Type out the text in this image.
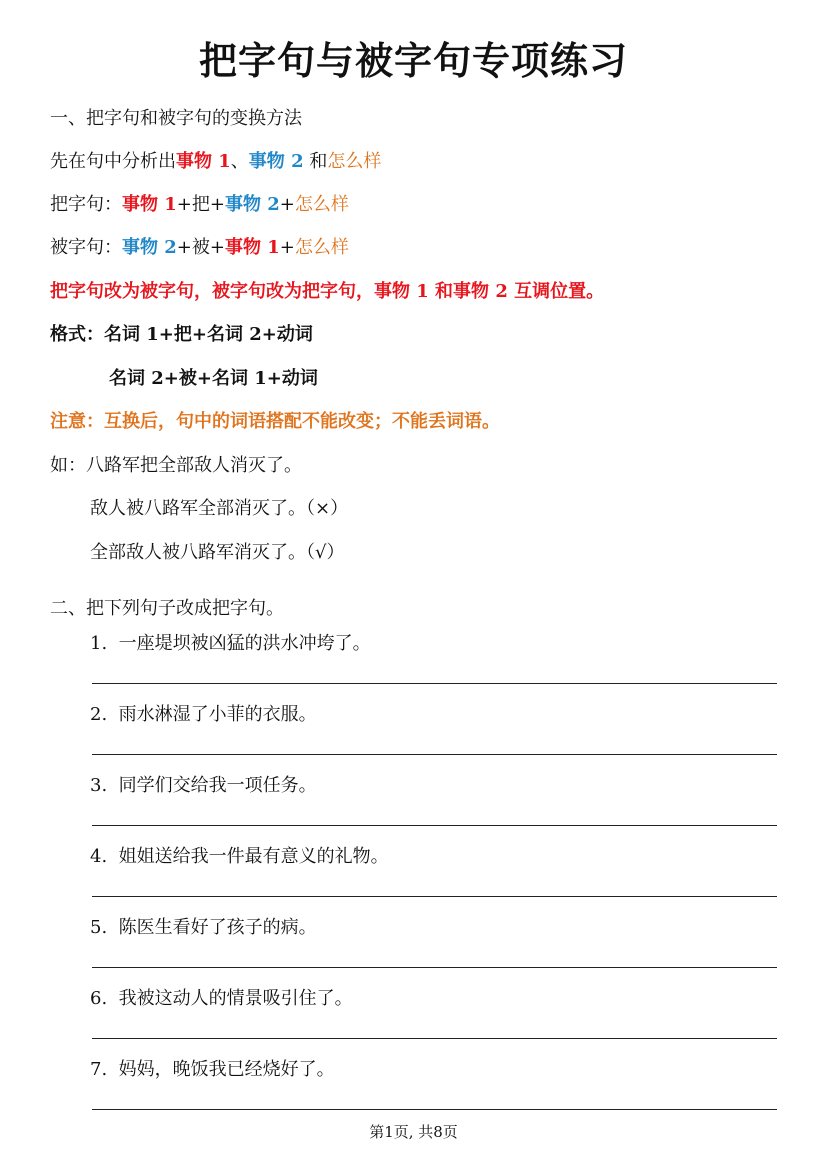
把字句与被字句专项练习
一、把字句和被字句的变换方法
先在句中分析出事物 1、事物 2 和怎么样
把字句：事物 1+把+事物 2+怎么样
被字句：事物 2+被+事物 1+怎么样
把字句改为被字句，被字句改为把字句，事物 1 和事物 2 互调位置。
格式：名词 1+把+名词 2+动词
名词 2+被+名词 1+动词
注意：互换后，句中的词语搭配不能改变；不能丢词语。
如：八路军把全部敌人消灭了。
敌人被八路军全部消灭了。（×）
全部敌人被八路军消灭了。（√）
二、把下列句子改成把字句。
1. 一座堤坝被凶猛的洪水冲垮了。
2. 雨水淋湿了小菲的衣服。
3. 同学们交给我一项任务。
4. 姐姐送给我一件最有意义的礼物。
5. 陈医生看好了孩子的病。
6. 我被这动人的情景吸引住了。
7. 妈妈，晚饭我已经烧好了。
第1页, 共8页
